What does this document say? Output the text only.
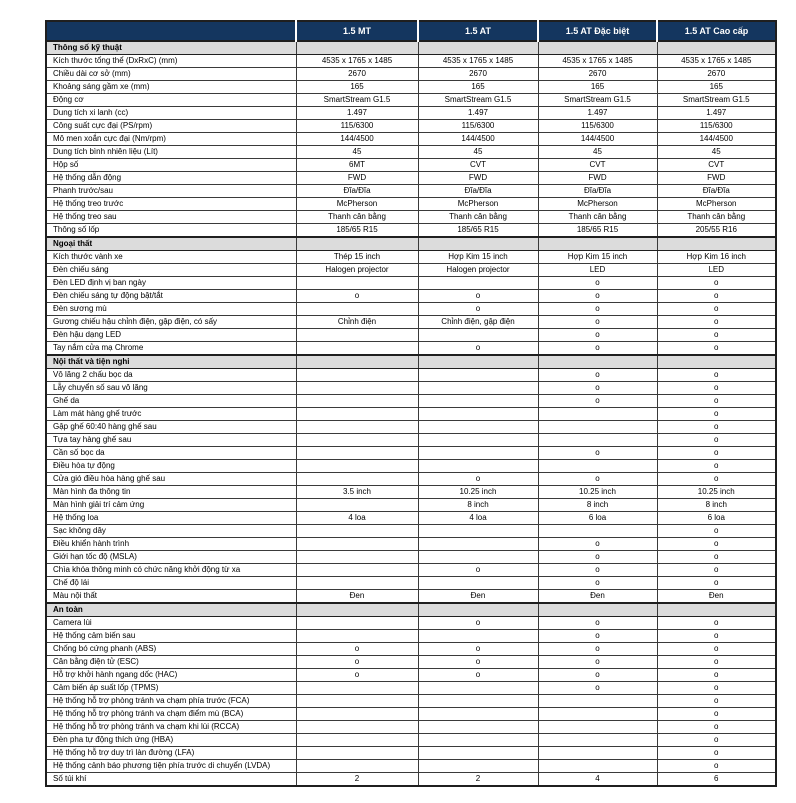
	1.5 MT	1.5 AT	1.5 AT Đặc biệt	1.5 AT Cao cấp
Thông số kỹ thuật				
Kích thước tổng thể (DxRxC) (mm)	4535 x 1765 x 1485	4535 x 1765 x 1485	4535 x 1765 x 1485	4535 x 1765 x 1485
Chiều dài cơ sở (mm)	2670	2670	2670	2670
Khoảng sáng gầm xe (mm)	165	165	165	165
Động cơ	SmartStream G1.5	SmartStream G1.5	SmartStream G1.5	SmartStream G1.5
Dung tích xi lanh (cc)	1.497	1.497	1.497	1.497
Công suất cực đại (PS/rpm)	115/6300	115/6300	115/6300	115/6300
Mô men xoắn cực đại (Nm/rpm)	144/4500	144/4500	144/4500	144/4500
Dung tích bình nhiên liệu (Lít)	45	45	45	45
Hộp số	6MT	CVT	CVT	CVT
Hệ thống dẫn động	FWD	FWD	FWD	FWD
Phanh trước/sau	Đĩa/Đĩa	Đĩa/Đĩa	Đĩa/Đĩa	Đĩa/Đĩa
Hệ thống treo trước	McPherson	McPherson	McPherson	McPherson
Hệ thống treo sau	Thanh cân bằng	Thanh cân bằng	Thanh cân bằng	Thanh cân bằng
Thông số lốp	185/65 R15	185/65 R15	185/65 R15	205/55 R16
Ngoại thất				
Kích thước vành xe	Thép 15 inch	Hợp Kim 15 inch	Hợp Kim 15 inch	Hợp Kim 16 inch
Đèn chiếu sáng	Halogen projector	Halogen projector	LED	LED
Đèn LED định vị ban ngày			o	o
Đèn chiếu sáng tự động bật/tắt	o	o	o	o
Đèn sương mù		o	o	o
Gương chiếu hậu chỉnh điện, gập điện, có sấy	Chỉnh điện	Chỉnh điện, gập điện	o	o
Đèn hậu dạng LED			o	o
Tay nắm cửa mạ Chrome		o	o	o
Nội thất và tiện nghi				
Vô lăng 2 chấu bọc da			o	o
Lẫy chuyển số sau vô lăng			o	o
Ghế da			o	o
Làm mát hàng ghế trước				o
Gập ghế 60:40 hàng ghế sau				o
Tựa tay hàng ghế sau				o
Cần số bọc da			o	o
Điều hòa tự động				o
Cửa gió điều hòa hàng ghế sau		o	o	o
Màn hình đa thông tin	3.5 inch	10.25 inch	10.25 inch	10.25 inch
Màn hình giải trí cảm ứng		8 inch	8 inch	8 inch
Hệ thống loa	4 loa	4 loa	6 loa	6 loa
Sạc không dây				o
Điều khiển hành trình			o	o
Giới hạn tốc độ (MSLA)			o	o
Chìa khóa thông minh có chức năng khởi động từ xa		o	o	o
Chế độ lái			o	o
Màu nội thất	Đen	Đen	Đen	Đen
An toàn				
Camera lùi		o	o	o
Hệ thống cảm biến sau			o	o
Chống bó cứng phanh (ABS)	o	o	o	o
Cân bằng điện tử (ESC)	o	o	o	o
Hỗ trợ khởi hành ngang dốc (HAC)	o	o	o	o
Cảm biến áp suất lốp (TPMS)			o	o
Hệ thống hỗ trợ phòng tránh va chạm phía trước (FCA)				o
Hệ thống hỗ trợ phòng tránh va chạm điểm mù (BCA)				o
Hệ thống hỗ trợ phòng tránh va chạm khi lùi (RCCA)				o
Đèn pha tự động thích ứng (HBA)				o
Hệ thống hỗ trợ duy trì làn đường (LFA)				o
Hệ thống cảnh báo phương tiện phía trước di chuyển (LVDA)				o
Số túi khí	2	2	4	6
